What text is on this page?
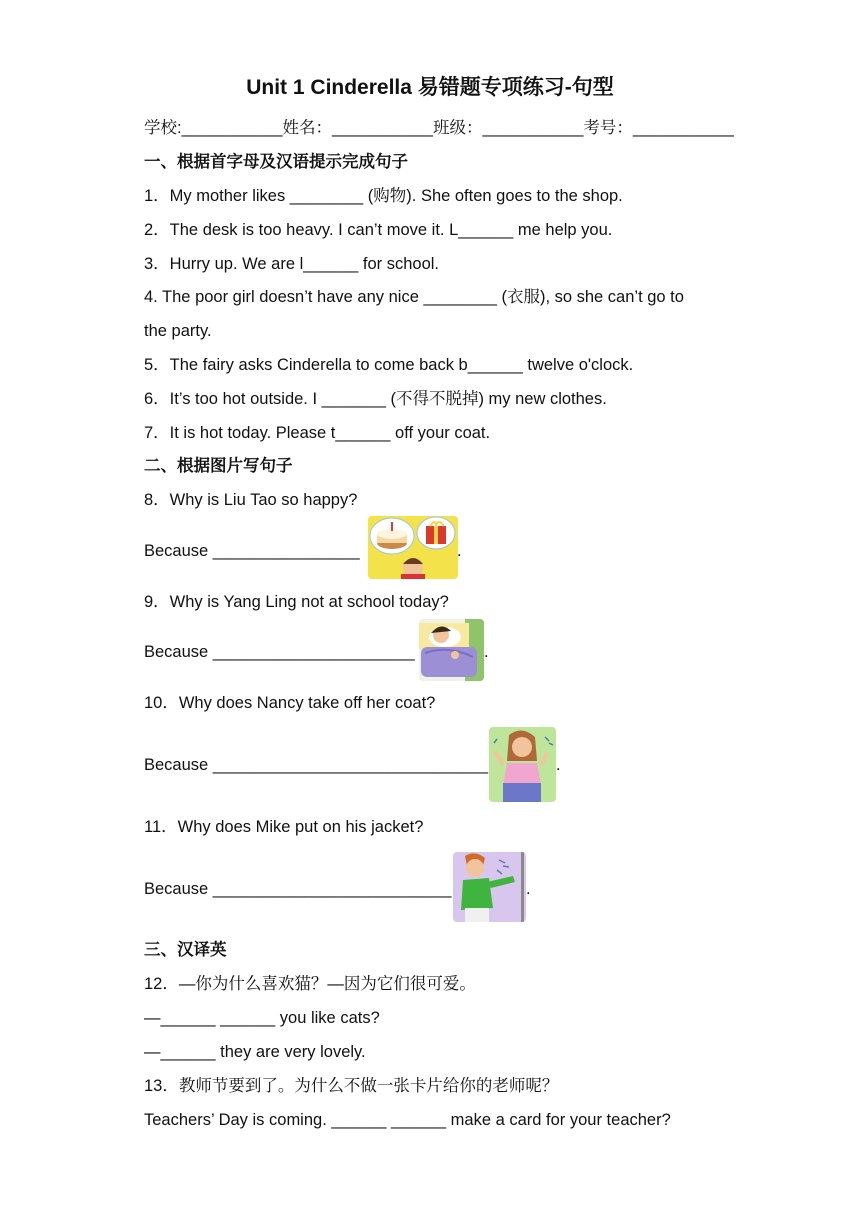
Unit 1 Cinderella 易错题专项练习-句型
学校:___________姓名：___________班级：___________考号：___________
一、根据首字母及汉语提示完成句子
1．My mother likes ________ (购物). She often goes to the shop.
2．The desk is too heavy. I can’t move it. L______ me help you.
3．Hurry up. We are l______ for school.
4. The poor girl doesn’t have any nice ________ (衣服), so she can’t go to
the party.
5．The fairy asks Cinderella to come back b______ twelve o'clock.
6．It’s too hot outside. I _______ (不得不脱掉) my new clothes.
7．It is hot today. Please t______ off your coat.
二、根据图片写句子
8．Why is Liu Tao so happy?
Because ________________	.
9．Why is Yang Ling not at school today?
Because ______________________	.
10．Why does Nancy take off her coat?
Because ______________________________	.
11．Why does Mike put on his jacket?
Because __________________________	.
三、汉译英
12．—你为什么喜欢猫？—因为它们很可爱。
—______ ______ you like cats?
—______ they are very lovely.
13．教师节要到了。为什么不做一张卡片给你的老师呢？
Teachers’ Day is coming. ______ ______ make a card for your teacher?
